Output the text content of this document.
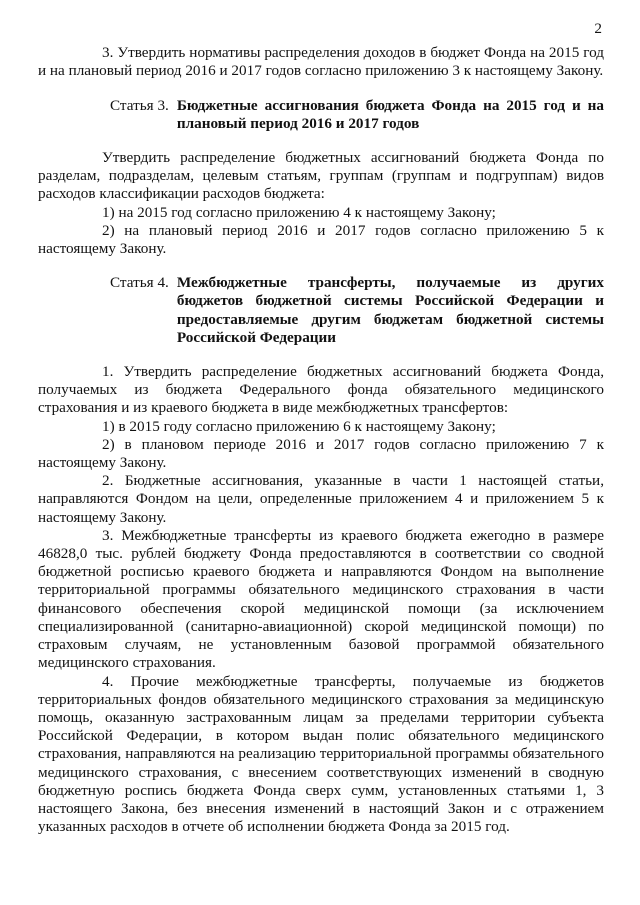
2

3. Утвердить нормативы распределения доходов в бюджет Фонда на 2015 год и на плановый период 2016 и 2017 годов согласно приложению 3 к настоящему Закону.

Статья 3. Бюджетные ассигнования бюджета Фонда на 2015 год и на плановый период 2016 и 2017 годов

Утвердить распределение бюджетных ассигнований бюджета Фонда по разделам, подразделам, целевым статьям, группам (группам и подгруппам) видов расходов классификации расходов бюджета:

1) на 2015 год согласно приложению 4 к настоящему Закону;

2) на плановый период 2016 и 2017 годов согласно приложению 5 к настоящему Закону.

Статья 4. Межбюджетные трансферты, получаемые из других бюджетов бюджетной системы Российской Федерации и предоставляемые другим бюджетам бюджетной системы Российской Федерации

1. Утвердить распределение бюджетных ассигнований бюджета Фонда, получаемых из бюджета Федерального фонда обязательного медицинского страхования и из краевого бюджета в виде межбюджетных трансфертов:

1) в 2015 году согласно приложению 6 к настоящему Закону;

2) в плановом периоде 2016 и 2017 годов согласно приложению 7 к настоящему Закону.

2. Бюджетные ассигнования, указанные в части 1 настоящей статьи, направляются Фондом на цели, определенные приложением 4 и приложением 5 к настоящему Закону.

3. Межбюджетные трансферты из краевого бюджета ежегодно в размере 46828,0 тыс. рублей бюджету Фонда предоставляются в соответствии со сводной бюджетной росписью краевого бюджета и направляются Фондом на выполнение территориальной программы обязательного медицинского страхования в части финансового обеспечения скорой медицинской помощи (за исключением специализированной (санитарно-авиационной) скорой медицинской помощи) по страховым случаям, не установленным базовой программой обязательного медицинского страхования.

4. Прочие межбюджетные трансферты, получаемые из бюджетов территориальных фондов обязательного медицинского страхования за медицинскую помощь, оказанную застрахованным лицам за пределами территории субъекта Российской Федерации, в котором выдан полис обязательного медицинского страхования, направляются на реализацию территориальной программы обязательного медицинского страхования, с внесением соответствующих изменений в сводную бюджетную роспись бюджета Фонда сверх сумм, установленных статьями 1, 3 настоящего Закона, без внесения изменений в настоящий Закон и с отражением указанных расходов в отчете об исполнении бюджета Фонда за 2015 год.
